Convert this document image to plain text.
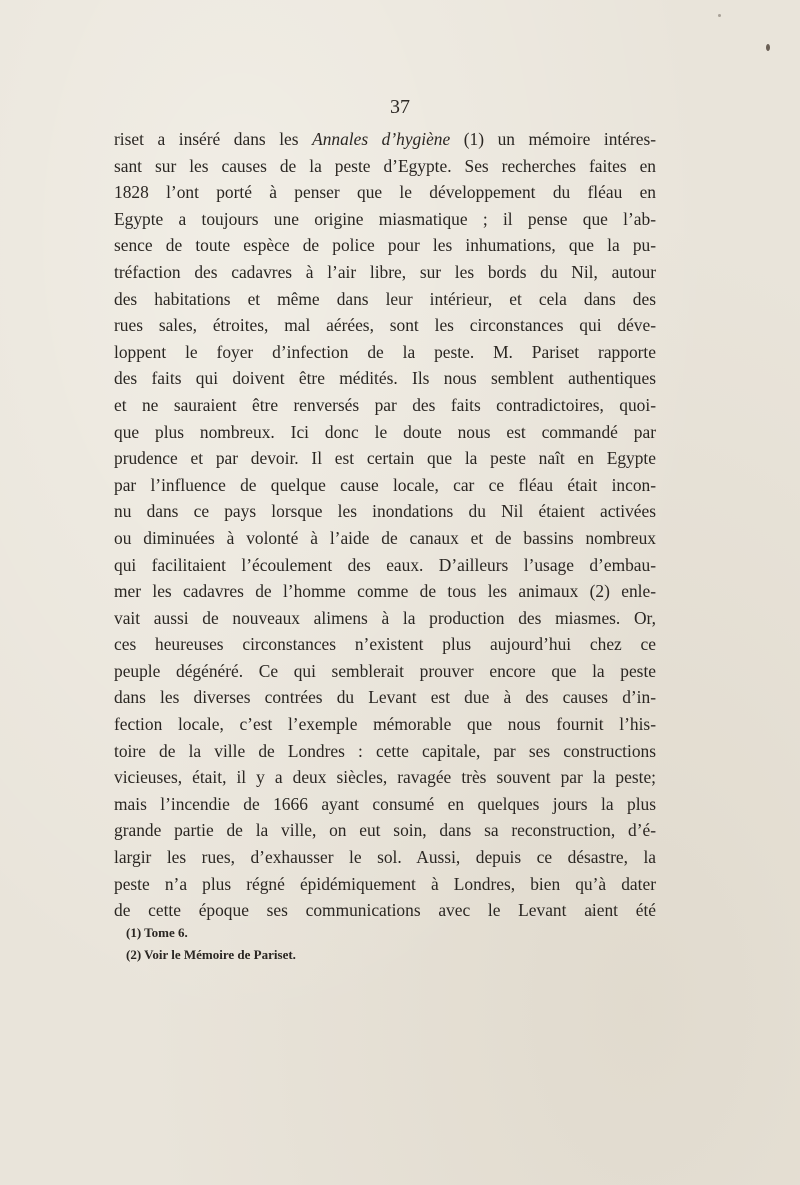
37
riset a inséré dans les Annales d’hygiène (1) un mémoire intéres-
sant sur les causes de la peste d’Egypte. Ses recherches faites en
1828 l’ont porté à penser que le développement du fléau en
Egypte a toujours une origine miasmatique ; il pense que l’ab-
sence de toute espèce de police pour les inhumations, que la pu-
tréfaction des cadavres à l’air libre, sur les bords du Nil, autour
des habitations et même dans leur intérieur, et cela dans des
rues sales, étroites, mal aérées, sont les circonstances qui déve-
loppent le foyer d’infection de la peste. M. Pariset rapporte
des faits qui doivent être médités. Ils nous semblent authentiques
et ne sauraient être renversés par des faits contradictoires, quoi-
que plus nombreux. Ici donc le doute nous est commandé par
prudence et par devoir. Il est certain que la peste naît en Egypte
par l’influence de quelque cause locale, car ce fléau était incon-
nu dans ce pays lorsque les inondations du Nil étaient activées
ou diminuées à volonté à l’aide de canaux et de bassins nombreux
qui facilitaient l’écoulement des eaux. D’ailleurs l’usage d’embau-
mer les cadavres de l’homme comme de tous les animaux (2) enle-
vait aussi de nouveaux alimens à la production des miasmes. Or,
ces heureuses circonstances n’existent plus aujourd’hui chez ce
peuple dégénéré. Ce qui semblerait prouver encore que la peste
dans les diverses contrées du Levant est due à des causes d’in-
fection locale, c’est l’exemple mémorable que nous fournit l’his-
toire de la ville de Londres : cette capitale, par ses constructions
vicieuses, était, il y a deux siècles, ravagée très souvent par la peste;
mais l’incendie de 1666 ayant consumé en quelques jours la plus
grande partie de la ville, on eut soin, dans sa reconstruction, d’é-
largir les rues, d’exhausser le sol. Aussi, depuis ce désastre, la
peste n’a plus régné épidémiquement à Londres, bien qu’à dater
de cette époque ses communications avec le Levant aient été
(1) Tome 6.
(2) Voir le Mémoire de Pariset.
